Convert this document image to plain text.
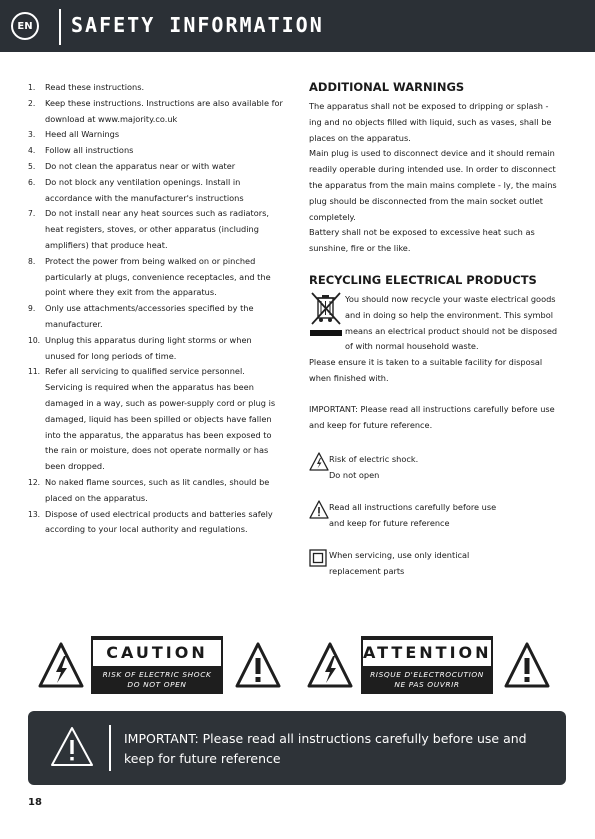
EN	SAFETY INFORMATION
1.	Read these instructions.
2.	Keep these instructions. Instructions are also available for download at www.majority.co.uk
3.	Heed all Warnings
4.	Follow all instructions
5.	Do not clean the apparatus near or with water
6.	Do not block any ventilation openings. Install in accordance with the manufacturer's instructions
7.	Do not install near any heat sources such as radiators, heat registers, stoves, or other apparatus (including amplifiers) that produce heat.
8.	Protect the power from being walked on or pinched particularly at plugs, convenience receptacles, and the point where they exit from the apparatus.
9.	Only use attachments/accessories specified by the manufacturer.
10. Unplug this apparatus during light storms or when unused for long periods of time.
11. Refer all servicing to qualified service personnel. Servicing is required when the apparatus has been damaged in a way, such as power-supply cord or plug is damaged, liquid has been spilled or objects have fallen into the apparatus, the apparatus has been exposed to the rain or moisture, does not operate normally or has been dropped.
12. No naked flame sources, such as lit candles, should be placed on the apparatus.
13. Dispose of used electrical products and batteries safely according to your local authority and regulations.
ADDITIONAL WARNINGS
The apparatus shall not be exposed to dripping or splash - ing and no objects filled with liquid, such as vases, shall be places on the apparatus.
Main plug is used to disconnect device and it should remain readily operable during intended use. In order to disconnect the apparatus from the main mains complete - ly, the mains plug should be disconnected from the main socket outlet completely.
Battery shall not be exposed to excessive heat such as sunshine, fire or the like.
RECYCLING ELECTRICAL PRODUCTS
You should now recycle your waste electrical goods and in doing so help the environment. This symbol means an electrical product should not be disposed of with normal household waste.
Please ensure it is taken to a suitable facility for disposal when finished with.
IMPORTANT: Please read all instructions carefully before use and keep for future reference.
Risk of electric shock.
Do not open
Read all instructions carefully before use
and keep for future reference
When servicing, use only identical
replacement parts
CAUTION
RISK OF ELECTRIC SHOCK
DO NOT OPEN
ATTENTION
RISQUE D'ELECTROCUTION
NE PAS OUVRIR
IMPORTANT: Please read all instructions carefully before use and keep for future reference
18
